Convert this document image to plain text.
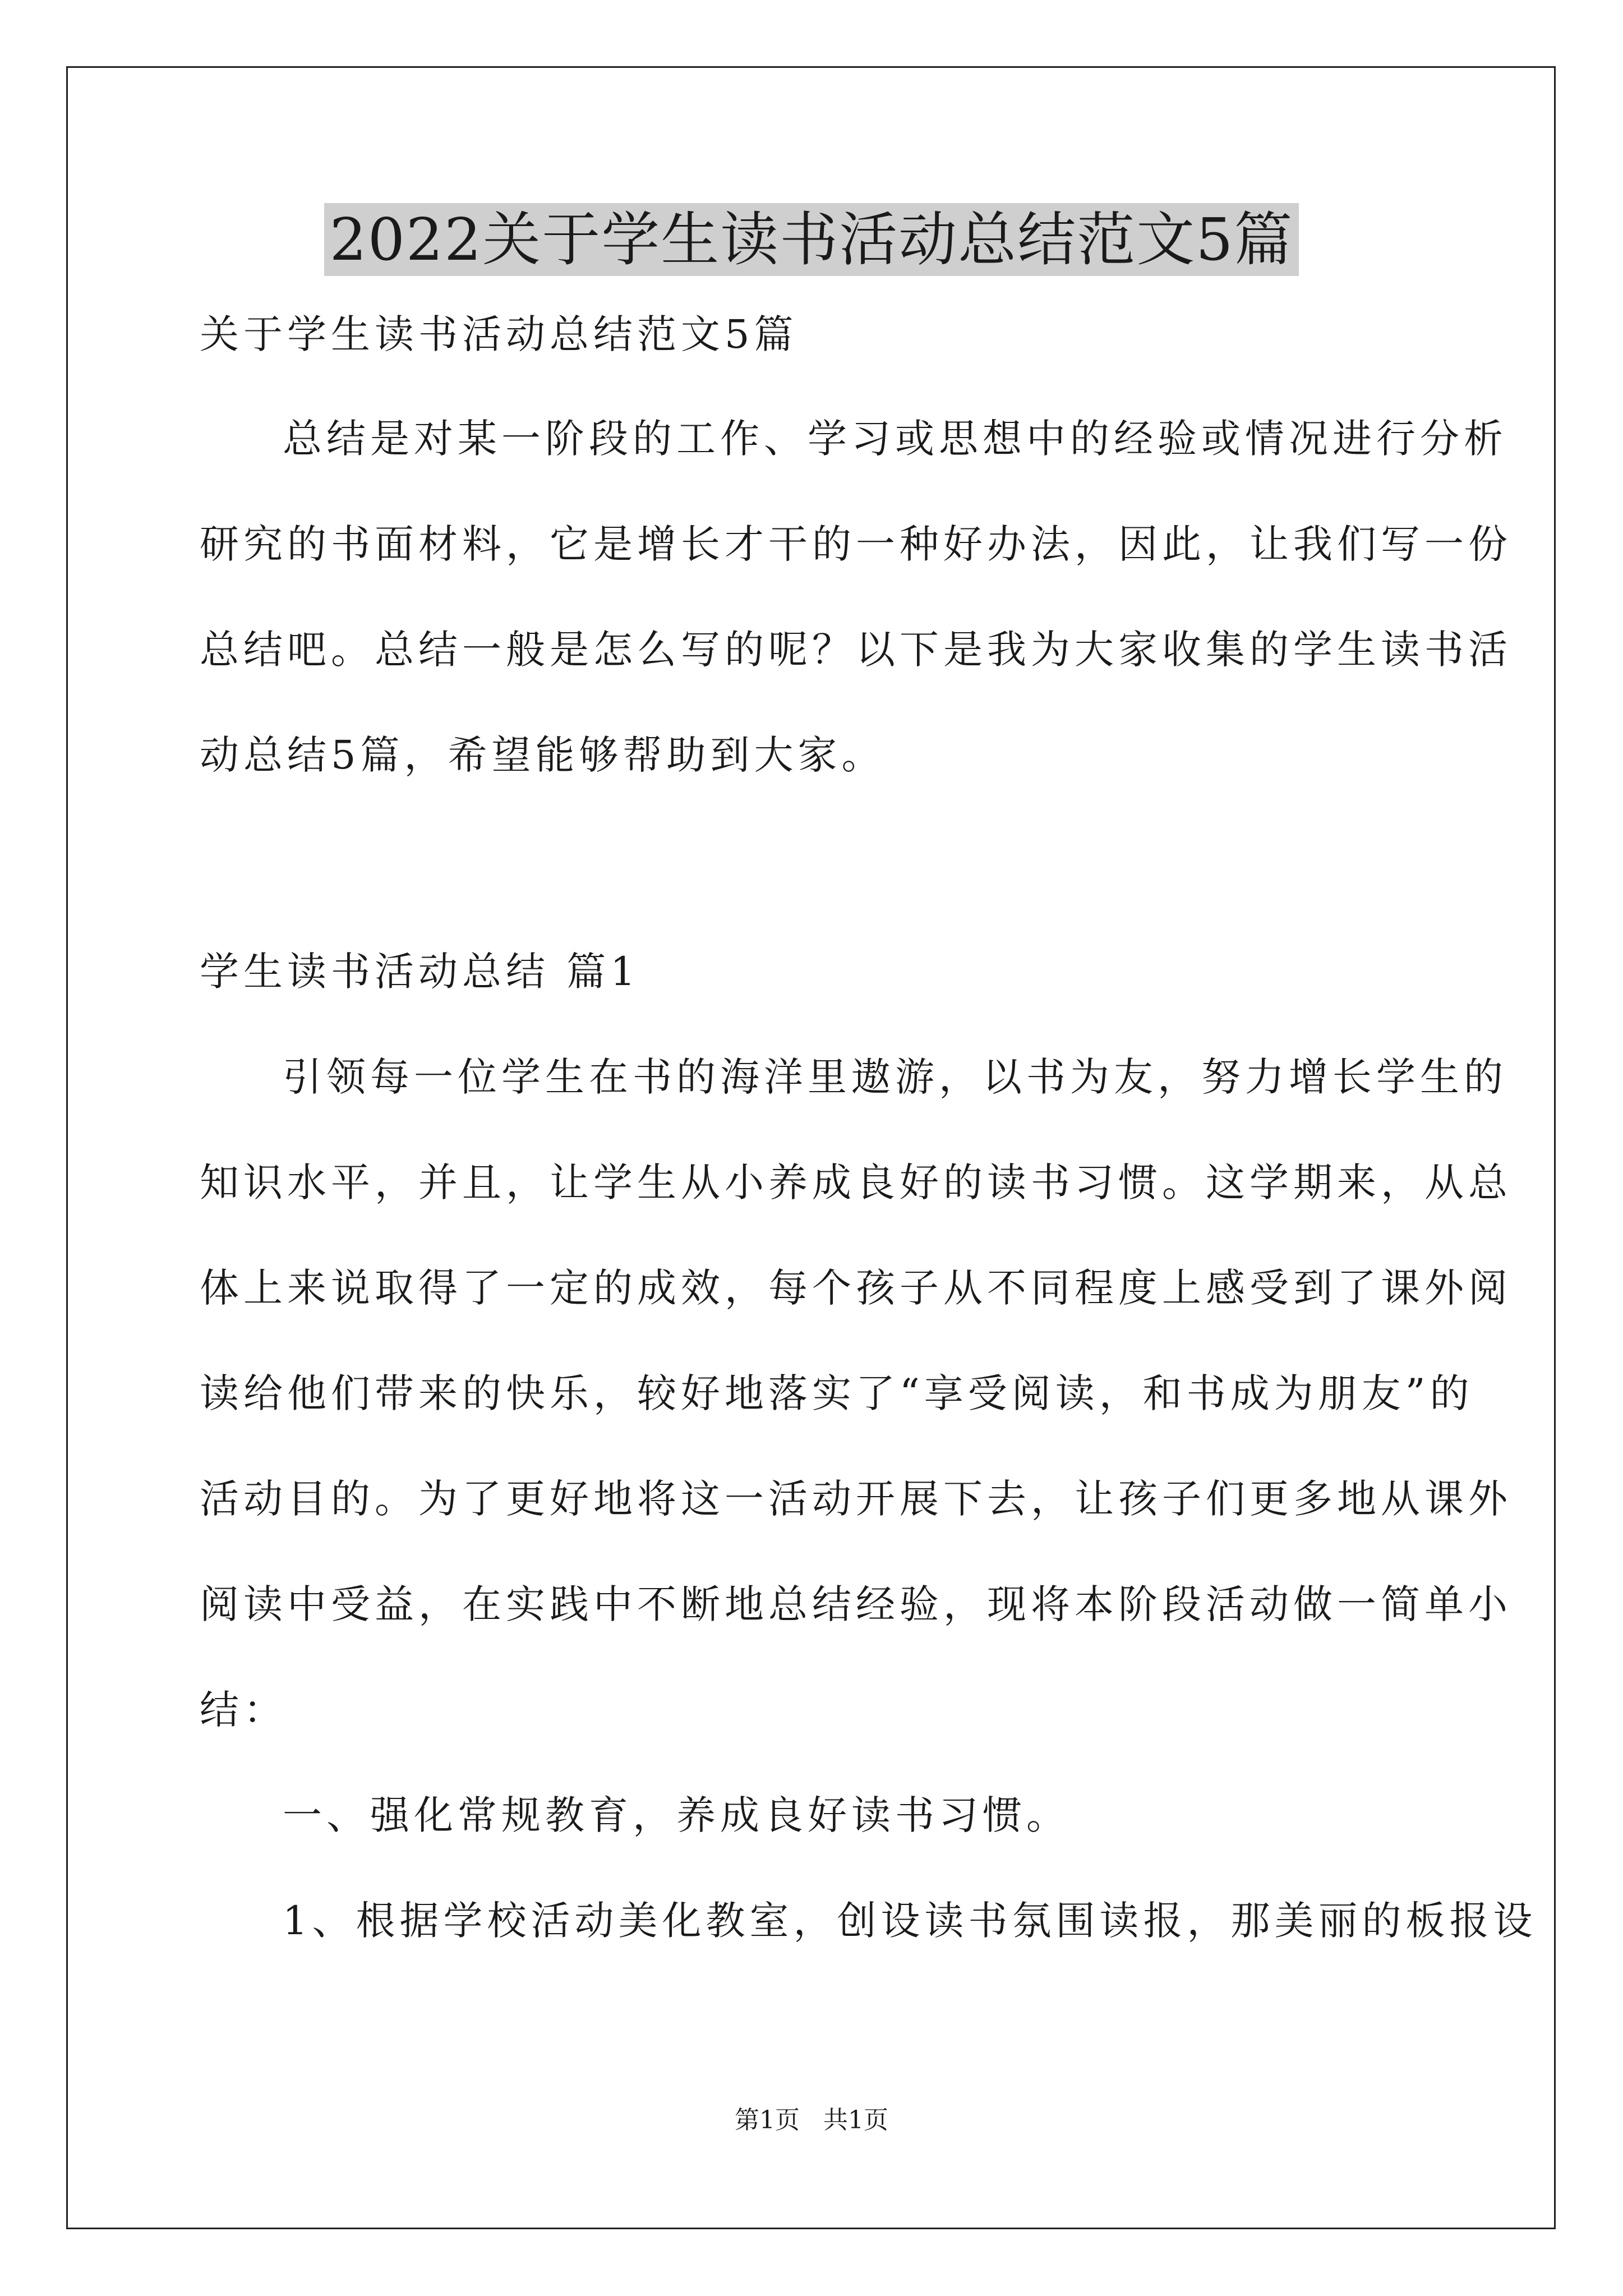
2022关于学生读书活动总结范文5篇

关于学生读书活动总结范文5篇

总结是对某一阶段的工作、学习或思想中的经验或情况进行分析

研究的书面材料，它是增长才干的一种好办法，因此，让我们写一份

总结吧。总结一般是怎么写的呢？以下是我为大家收集的学生读书活

动总结5篇，希望能够帮助到大家。

学生读书活动总结 篇1

引领每一位学生在书的海洋里遨游，以书为友，努力增长学生的

知识水平，并且，让学生从小养成良好的读书习惯。这学期来，从总

体上来说取得了一定的成效，每个孩子从不同程度上感受到了课外阅

读给他们带来的快乐，较好地落实了“享受阅读，和书成为朋友”的

活动目的。为了更好地将这一活动开展下去，让孩子们更多地从课外

阅读中受益，在实践中不断地总结经验，现将本阶段活动做一简单小

结：

一、强化常规教育，养成良好读书习惯。

1、根据学校活动美化教室，创设读书氛围读报，那美丽的板报设

第1页   共1页
